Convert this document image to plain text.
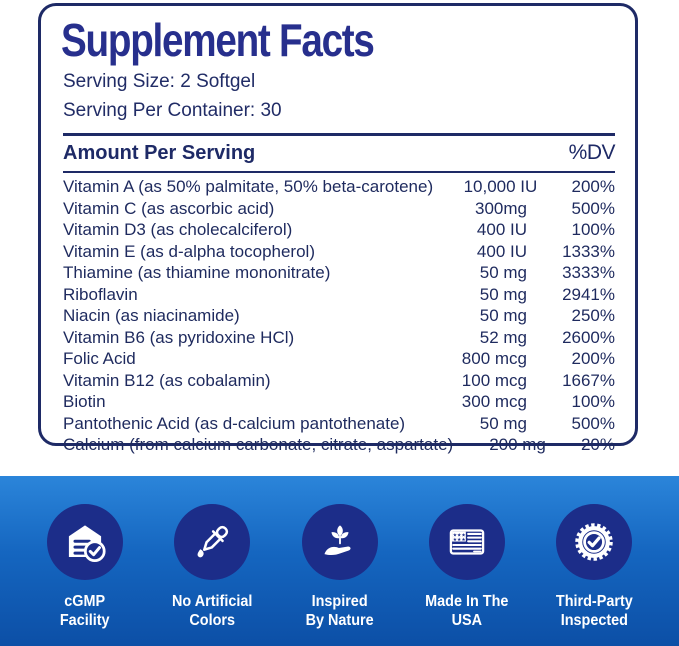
Supplement Facts
Serving Size: 2 Softgel
Serving Per Container: 30
Amount Per Serving	%DV
Vitamin A (as 50% palmitate, 50% beta-carotene)	10,000 IU	200%
Vitamin C (as ascorbic acid)	300mg	500%
Vitamin D3 (as cholecalciferol)	400 IU	100%
Vitamin E (as d-alpha tocopherol)	400 IU	1333%
Thiamine (as thiamine mononitrate)	50 mg	3333%
Riboflavin	50 mg	2941%
Niacin (as niacinamide)	50 mg	250%
Vitamin B6 (as pyridoxine HCl)	52 mg	2600%
Folic Acid	800 mcg	200%
Vitamin B12 (as cobalamin)	100 mcg	1667%
Biotin	300 mcg	100%
Pantothenic Acid (as d-calcium pantothenate)	50 mg	500%
Calcium (from calcium carbonate, citrate, aspartate)	200 mg	20%
cGMP
Facility
No Artificial
Colors
Inspired
By Nature
★★★
★★★
Made In The
USA
Third-Party
Inspected
